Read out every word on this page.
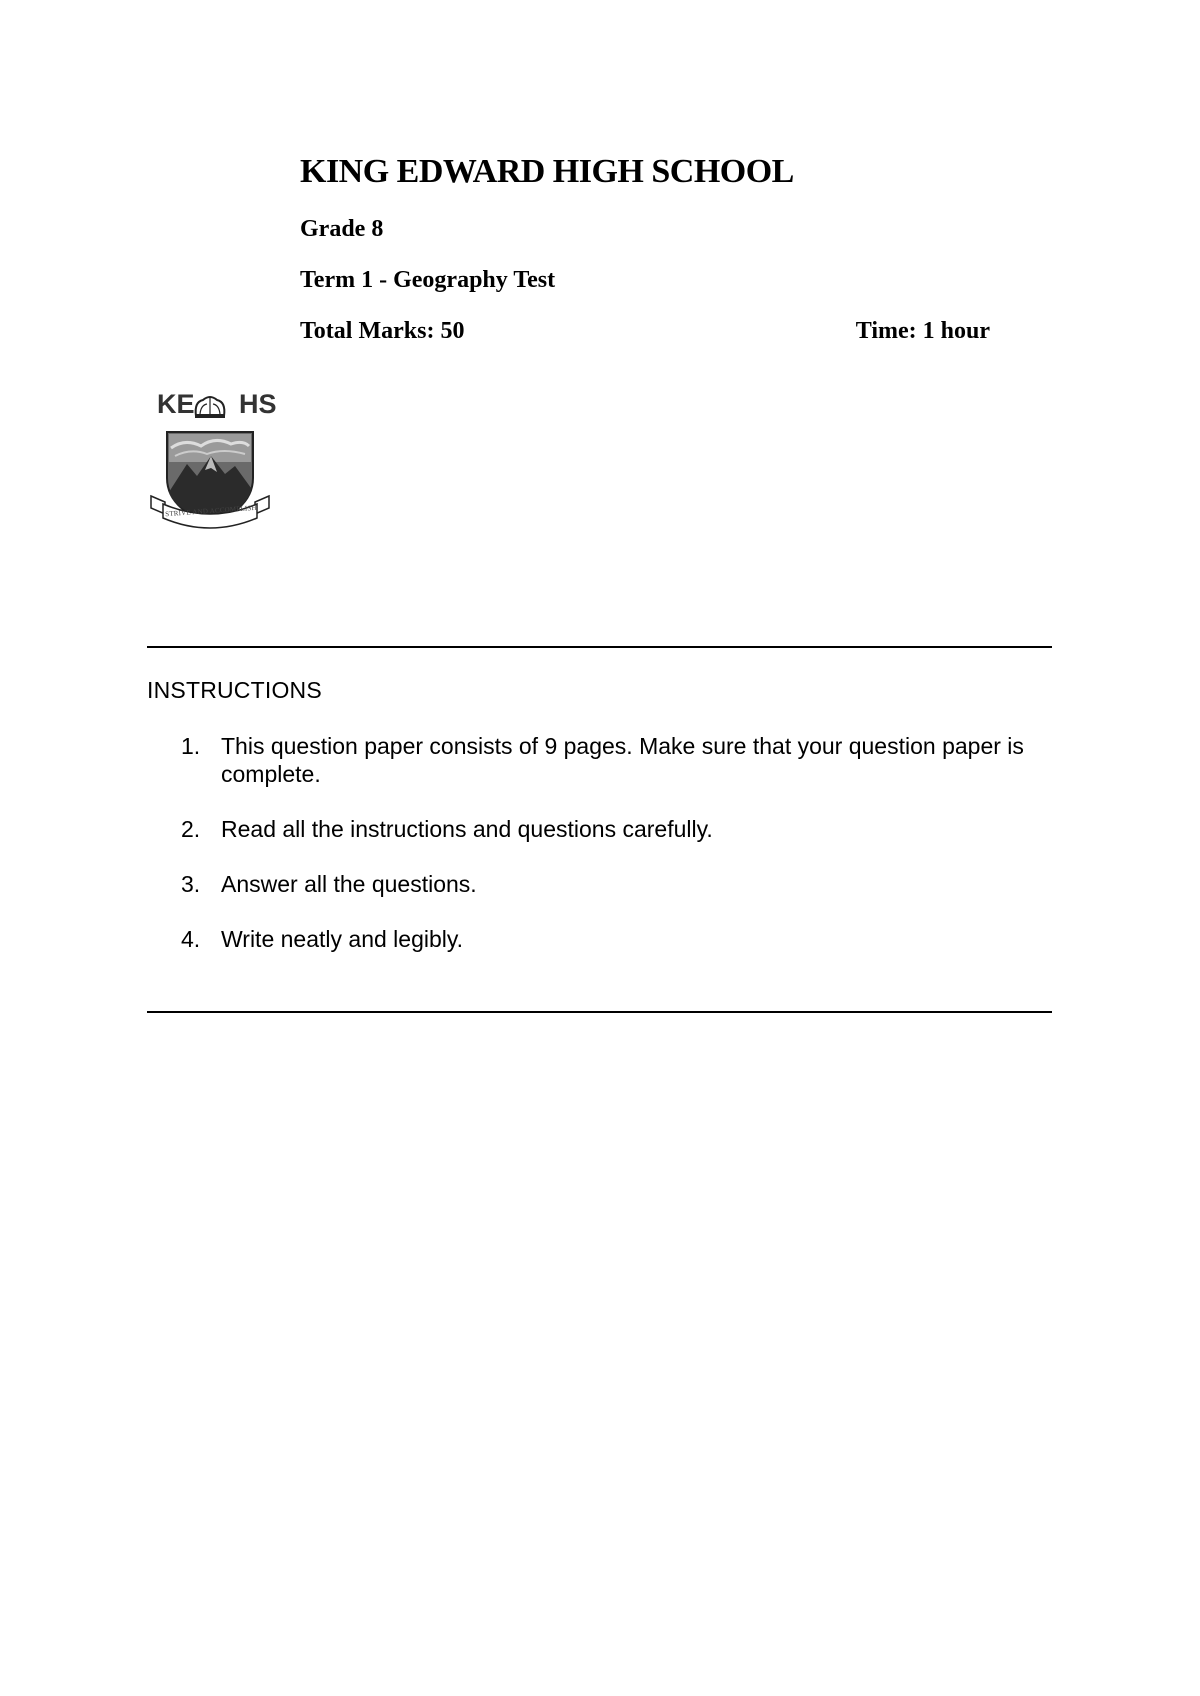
KING EDWARD HIGH SCHOOL
Grade 8
Term 1 - Geography Test
Total Marks: 50	Time: 1 hour
KE HS
STRIVE AND ACCOMPLISH
INSTRUCTIONS
1. This question paper consists of 9 pages. Make sure that your question paper is complete.
2. Read all the instructions and questions carefully.
3. Answer all the questions.
4. Write neatly and legibly.
